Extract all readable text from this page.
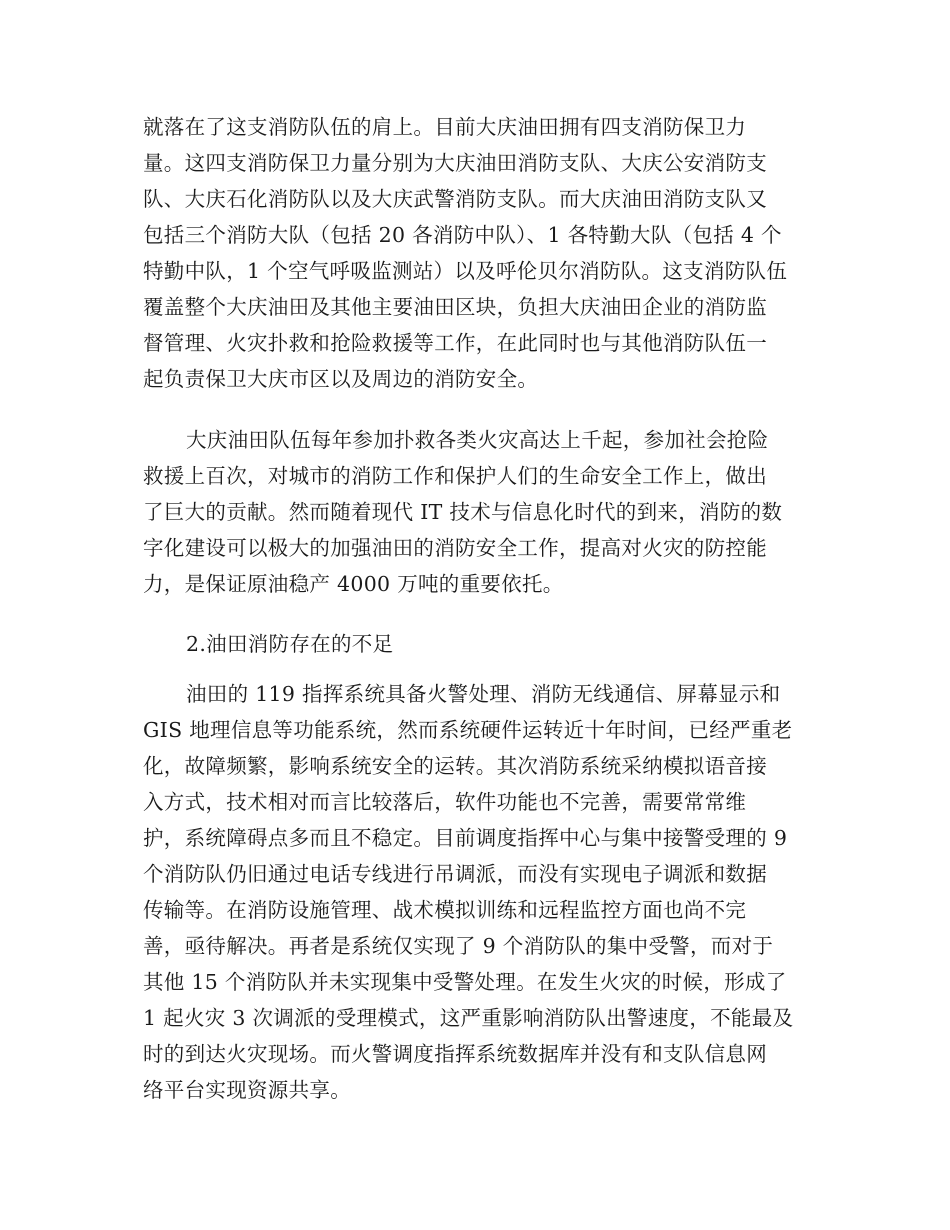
就落在了这支消防队伍的肩上。目前大庆油田拥有四支消防保卫力
量。这四支消防保卫力量分别为大庆油田消防支队、大庆公安消防支
队、大庆石化消防队以及大庆武警消防支队。而大庆油田消防支队又
包括三个消防大队（包括 20 各消防中队）、1 各特勤大队（包括 4 个
特勤中队，1 个空气呼吸监测站）以及呼伦贝尔消防队。这支消防队伍
覆盖整个大庆油田及其他主要油田区块，负担大庆油田企业的消防监
督管理、火灾扑救和抢险救援等工作，在此同时也与其他消防队伍一
起负责保卫大庆市区以及周边的消防安全。
大庆油田队伍每年参加扑救各类火灾高达上千起，参加社会抢险
救援上百次，对城市的消防工作和保护人们的生命安全工作上，做出
了巨大的贡献。然而随着现代 IT 技术与信息化时代的到来，消防的数
字化建设可以极大的加强油田的消防安全工作，提高对火灾的防控能
力，是保证原油稳产 4000 万吨的重要依托。
2.油田消防存在的不足
油田的 119 指挥系统具备火警处理、消防无线通信、屏幕显示和
GIS 地理信息等功能系统，然而系统硬件运转近十年时间，已经严重老
化，故障频繁，影响系统安全的运转。其次消防系统采纳模拟语音接
入方式，技术相对而言比较落后，软件功能也不完善，需要常常维
护，系统障碍点多而且不稳定。目前调度指挥中心与集中接警受理的 9
个消防队仍旧通过电话专线进行吊调派，而没有实现电子调派和数据
传输等。在消防设施管理、战术模拟训练和远程监控方面也尚不完
善，亟待解决。再者是系统仅实现了 9 个消防队的集中受警，而对于
其他 15 个消防队并未实现集中受警处理。在发生火灾的时候，形成了
1 起火灾 3 次调派的受理模式，这严重影响消防队出警速度，不能最及
时的到达火灾现场。而火警调度指挥系统数据库并没有和支队信息网
络平台实现资源共享。
